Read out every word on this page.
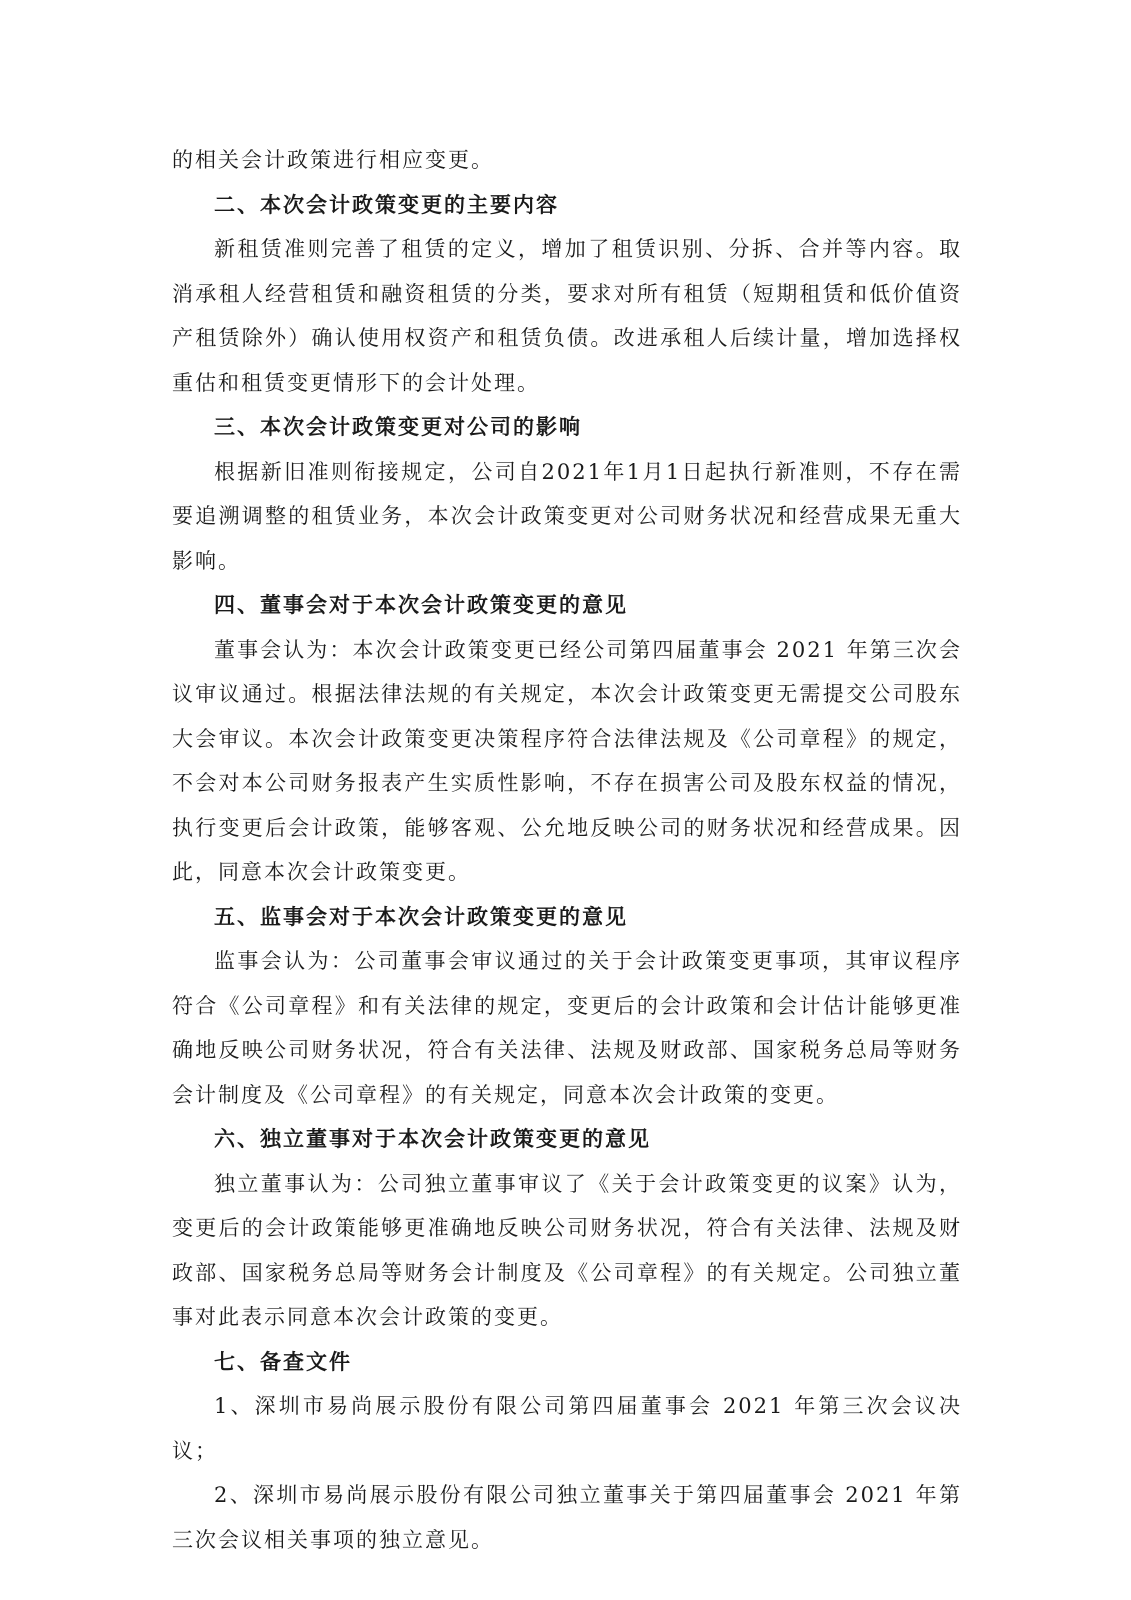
的相关会计政策进行相应变更。

二、本次会计政策变更的主要内容

新租赁准则完善了租赁的定义，增加了租赁识别、分拆、合并等内容。取消承租人经营租赁和融资租赁的分类，要求对所有租赁（短期租赁和低价值资产租赁除外）确认使用权资产和租赁负债。改进承租人后续计量，增加选择权重估和租赁变更情形下的会计处理。

三、本次会计政策变更对公司的影响

根据新旧准则衔接规定，公司自2021年1月1日起执行新准则，不存在需要追溯调整的租赁业务，本次会计政策变更对公司财务状况和经营成果无重大影响。

四、董事会对于本次会计政策变更的意见

董事会认为：本次会计政策变更已经公司第四届董事会 2021 年第三次会议审议通过。根据法律法规的有关规定，本次会计政策变更无需提交公司股东大会审议。本次会计政策变更决策程序符合法律法规及《公司章程》的规定，不会对本公司财务报表产生实质性影响，不存在损害公司及股东权益的情况，执行变更后会计政策，能够客观、公允地反映公司的财务状况和经营成果。因此，同意本次会计政策变更。

五、监事会对于本次会计政策变更的意见

监事会认为：公司董事会审议通过的关于会计政策变更事项，其审议程序符合《公司章程》和有关法律的规定，变更后的会计政策和会计估计能够更准确地反映公司财务状况，符合有关法律、法规及财政部、国家税务总局等财务会计制度及《公司章程》的有关规定，同意本次会计政策的变更。

六、独立董事对于本次会计政策变更的意见

独立董事认为：公司独立董事审议了《关于会计政策变更的议案》认为，变更后的会计政策能够更准确地反映公司财务状况，符合有关法律、法规及财政部、国家税务总局等财务会计制度及《公司章程》的有关规定。公司独立董事对此表示同意本次会计政策的变更。

七、备查文件

1、深圳市易尚展示股份有限公司第四届董事会 2021 年第三次会议决议；

2、深圳市易尚展示股份有限公司独立董事关于第四届董事会 2021 年第三次会议相关事项的独立意见。
